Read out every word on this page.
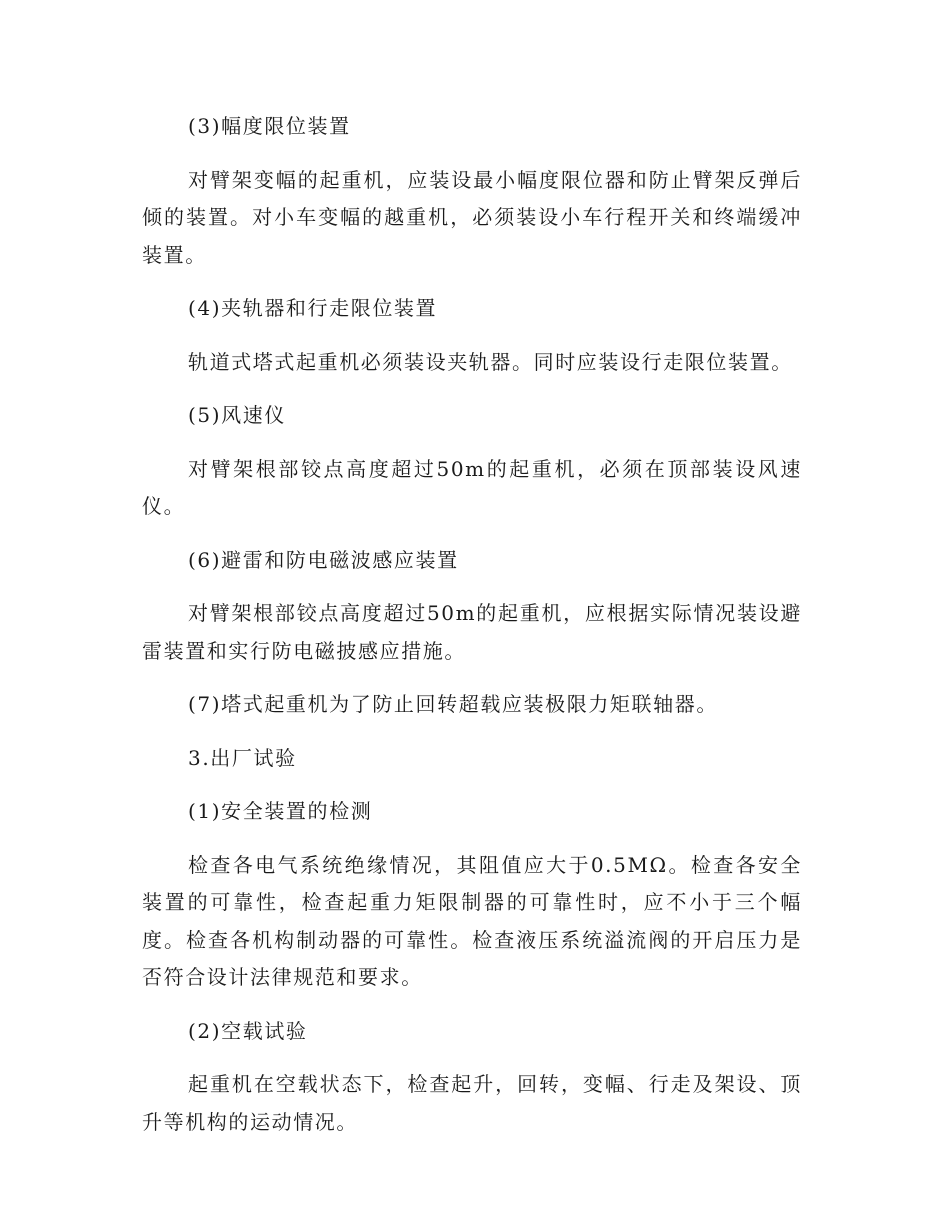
(3)幅度限位装置

对臂架变幅的起重机，应装设最小幅度限位器和防止臂架反弹后倾的装置。对小车变幅的越重机，必须装设小车行程开关和终端缓冲装置。

(4)夹轨器和行走限位装置

轨道式塔式起重机必须装设夹轨器。同时应装设行走限位装置。

(5)风速仪

对臂架根部铰点高度超过50m的起重机，必须在顶部装设风速仪。

(6)避雷和防电磁波感应装置

对臂架根部铰点高度超过50m的起重机，应根据实际情况装设避雷装置和实行防电磁披感应措施。

(7)塔式起重机为了防止回转超载应装极限力矩联轴器。

3.出厂试验

(1)安全装置的检测

检查各电气系统绝缘情况，其阻值应大于0.5MΩ。检查各安全装置的可靠性，检查起重力矩限制器的可靠性时，应不小于三个幅度。检查各机构制动器的可靠性。检查液压系统溢流阀的开启压力是否符合设计法律规范和要求。

(2)空载试验

起重机在空载状态下，检查起升，回转，变幅、行走及架设、顶升等机构的运动情况。
